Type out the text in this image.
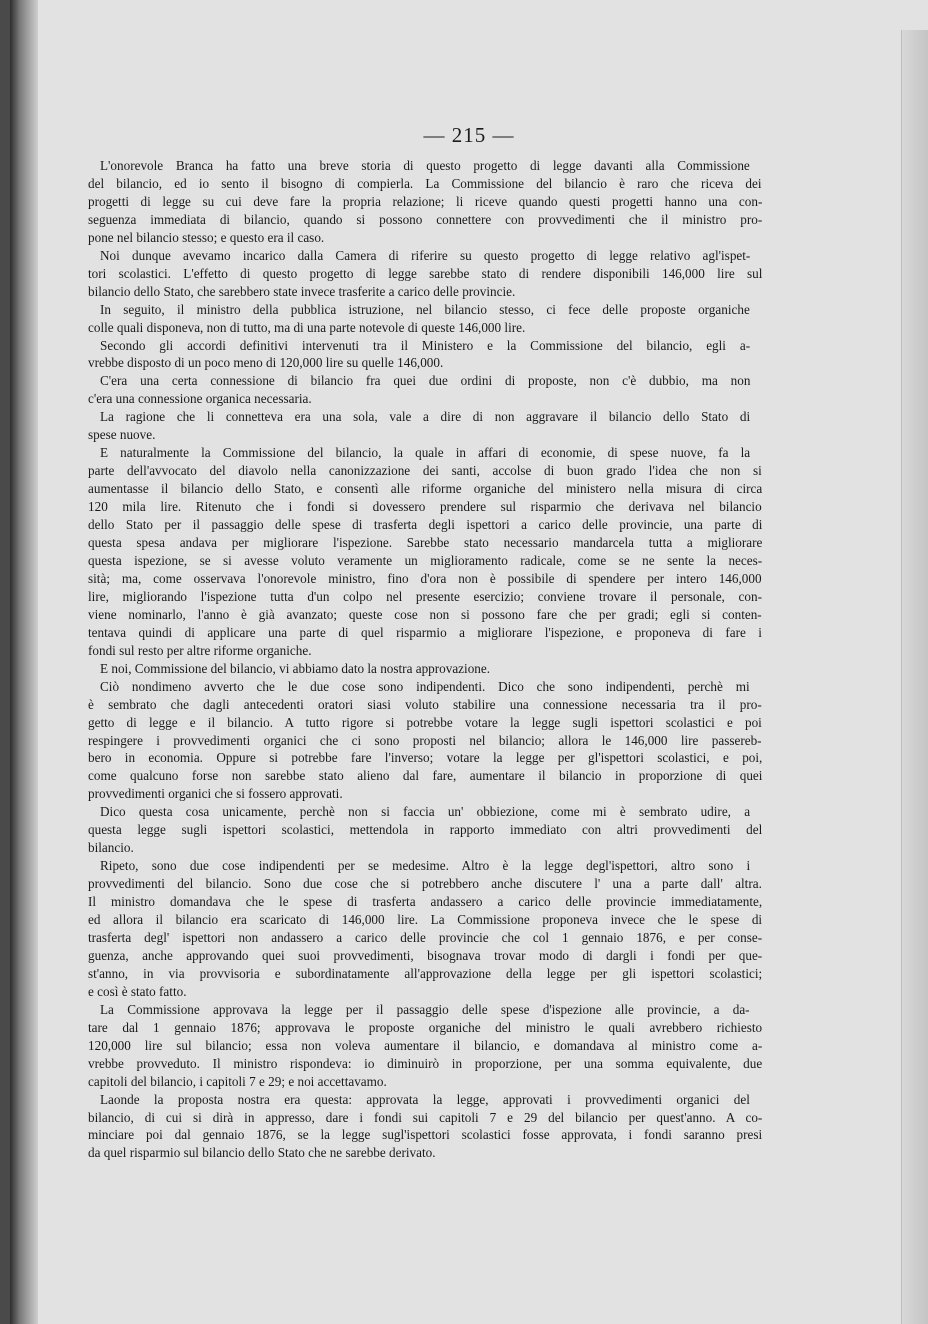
— 215 —

L'onorevole Branca ha fatto una breve storia di questo progetto di legge davanti alla Commissione
del bilancio, ed io sento il bisogno di compierla. La Commissione del bilancio è raro che riceva dei
progetti di legge su cui deve fare la propria relazione; li riceve quando questi progetti hanno una con-
seguenza immediata di bilancio, quando si possono connettere con provvedimenti che il ministro pro-
pone nel bilancio stesso; e questo era il caso.

Noi dunque avevamo incarico dalla Camera di riferire su questo progetto di legge relativo agl'ispet-
tori scolastici. L'effetto di questo progetto di legge sarebbe stato di rendere disponibili 146,000 lire sul
bilancio dello Stato, che sarebbero state invece trasferite a carico delle provincie.

In seguito, il ministro della pubblica istruzione, nel bilancio stesso, ci fece delle proposte organiche
colle quali disponeva, non di tutto, ma di una parte notevole di queste 146,000 lire.

Secondo gli accordi definitivi intervenuti tra il Ministero e la Commissione del bilancio, egli a-
vrebbe disposto di un poco meno di 120,000 lire su quelle 146,000.

C'era una certa connessione di bilancio fra quei due ordini di proposte, non c'è dubbio, ma non
c'era una connessione organica necessaria.

La ragione che li connetteva era una sola, vale a dire di non aggravare il bilancio dello Stato di
spese nuove.

E naturalmente la Commissione del bilancio, la quale in affari di economie, di spese nuove, fa la
parte dell'avvocato del diavolo nella canonizzazione dei santi, accolse di buon grado l'idea che non si
aumentasse il bilancio dello Stato, e consentì alle riforme organiche del ministero nella misura di circa
120 mila lire. Ritenuto che i fondi si dovessero prendere sul risparmio che derivava nel bilancio
dello Stato per il passaggio delle spese di trasferta degli ispettori a carico delle provincie, una parte di
questa spesa andava per migliorare l'ispezione. Sarebbe stato necessario mandarcela tutta a migliorare
questa ispezione, se si avesse voluto veramente un miglioramento radicale, come se ne sente la neces-
sità; ma, come osservava l'onorevole ministro, fino d'ora non è possibile di spendere per intero 146,000
lire, migliorando l'ispezione tutta d'un colpo nel presente esercizio; conviene trovare il personale, con-
viene nominarlo, l'anno è già avanzato; queste cose non si possono fare che per gradi; egli si conten-
tentava quindi di applicare una parte di quel risparmio a migliorare l'ispezione, e proponeva di fare i
fondi sul resto per altre riforme organiche.

E noi, Commissione del bilancio, vi abbiamo dato la nostra approvazione.

Ciò nondimeno avverto che le due cose sono indipendenti. Dico che sono indipendenti, perchè mi
è sembrato che dagli antecedenti oratori siasi voluto stabilire una connessione necessaria tra il pro-
getto di legge e il bilancio. A tutto rigore si potrebbe votare la legge sugli ispettori scolastici e poi
respingere i provvedimenti organici che ci sono proposti nel bilancio; allora le 146,000 lire passereb-
bero in economia. Oppure si potrebbe fare l'inverso; votare la legge per gl'ispettori scolastici, e poi,
come qualcuno forse non sarebbe stato alieno dal fare, aumentare il bilancio in proporzione di quei
provvedimenti organici che si fossero approvati.

Dico questa cosa unicamente, perchè non si faccia un' obbiezione, come mi è sembrato udire, a
questa legge sugli ispettori scolastici, mettendola in rapporto immediato con altri provvedimenti del
bilancio.

Ripeto, sono due cose indipendenti per se medesime. Altro è la legge degl'ispettori, altro sono i
provvedimenti del bilancio. Sono due cose che si potrebbero anche discutere l' una a parte dall' altra.
Il ministro domandava che le spese di trasferta andassero a carico delle provincie immediatamente,
ed allora il bilancio era scaricato di 146,000 lire. La Commissione proponeva invece che le spese di
trasferta degl' ispettori non andassero a carico delle provincie che col 1 gennaio 1876, e per conse-
guenza, anche approvando quei suoi provvedimenti, bisognava trovar modo di dargli i fondi per que-
st'anno, in via provvisoria e subordinatamente all'approvazione della legge per gli ispettori scolastici;
e così è stato fatto.

La Commissione approvava la legge per il passaggio delle spese d'ispezione alle provincie, a da-
tare dal 1 gennaio 1876; approvava le proposte organiche del ministro le quali avrebbero richiesto
120,000 lire sul bilancio; essa non voleva aumentare il bilancio, e domandava al ministro come a-
vrebbe provveduto. Il ministro rispondeva: io diminuirò in proporzione, per una somma equivalente, due
capitoli del bilancio, i capitoli 7 e 29; e noi accettavamo.

Laonde la proposta nostra era questa: approvata la legge, approvati i provvedimenti organici del
bilancio, di cui si dirà in appresso, dare i fondi sui capitoli 7 e 29 del bilancio per quest'anno. A co-
minciare poi dal gennaio 1876, se la legge sugl'ispettori scolastici fosse approvata, i fondi saranno presi
da quel risparmio sul bilancio dello Stato che ne sarebbe derivato.
